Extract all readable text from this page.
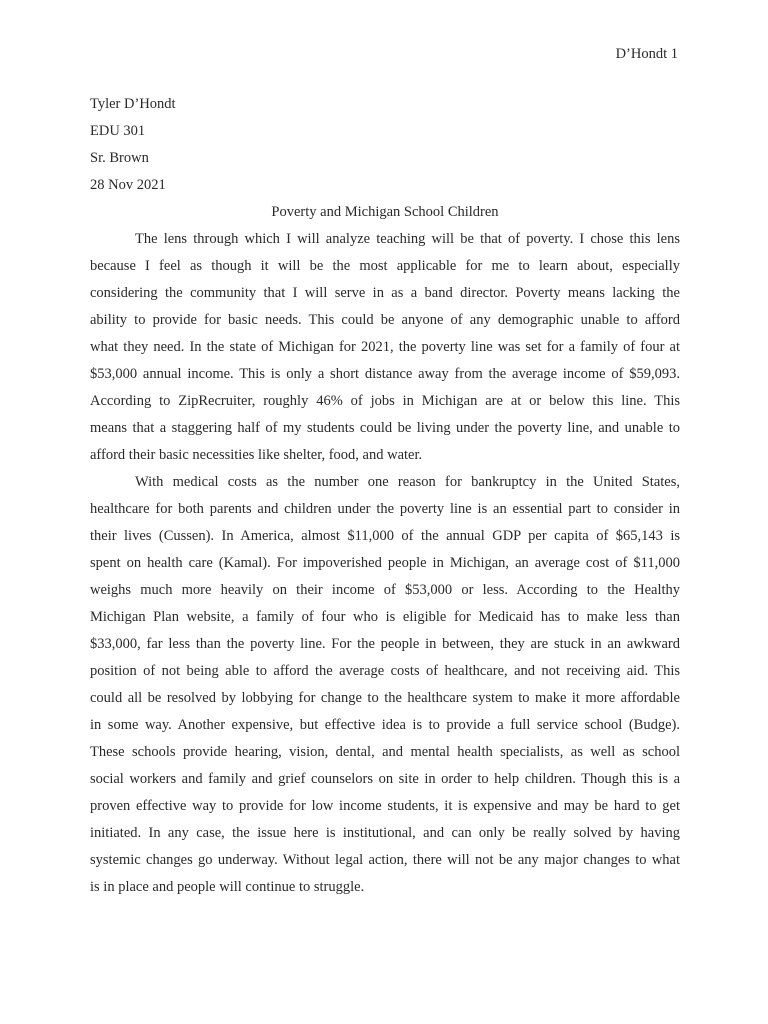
D’Hondt 1
Tyler D’Hondt
EDU 301
Sr. Brown
28 Nov 2021
Poverty and Michigan School Children
The lens through which I will analyze teaching will be that of poverty. I chose this lens
because I feel as though it will be the most applicable for me to learn about, especially
considering the community that I will serve in as a band director. Poverty means lacking the
ability to provide for basic needs. This could be anyone of any demographic unable to afford
what they need. In the state of Michigan for 2021, the poverty line was set for a family of four at
$53,000 annual income. This is only a short distance away from the average income of $59,093.
According to ZipRecruiter, roughly 46% of jobs in Michigan are at or below this line. This
means that a staggering half of my students could be living under the poverty line, and unable to
afford their basic necessities like shelter, food, and water.
With medical costs as the number one reason for bankruptcy in the United States,
healthcare for both parents and children under the poverty line is an essential part to consider in
their lives (Cussen). In America, almost $11,000 of the annual GDP per capita of $65,143 is
spent on health care (Kamal). For impoverished people in Michigan, an average cost of $11,000
weighs much more heavily on their income of $53,000 or less. According to the Healthy
Michigan Plan website, a family of four who is eligible for Medicaid has to make less than
$33,000, far less than the poverty line. For the people in between, they are stuck in an awkward
position of not being able to afford the average costs of healthcare, and not receiving aid. This
could all be resolved by lobbying for change to the healthcare system to make it more affordable
in some way. Another expensive, but effective idea is to provide a full service school (Budge).
These schools provide hearing, vision, dental, and mental health specialists, as well as school
social workers and family and grief counselors on site in order to help children. Though this is a
proven effective way to provide for low income students, it is expensive and may be hard to get
initiated. In any case, the issue here is institutional, and can only be really solved by having
systemic changes go underway. Without legal action, there will not be any major changes to what
is in place and people will continue to struggle.
